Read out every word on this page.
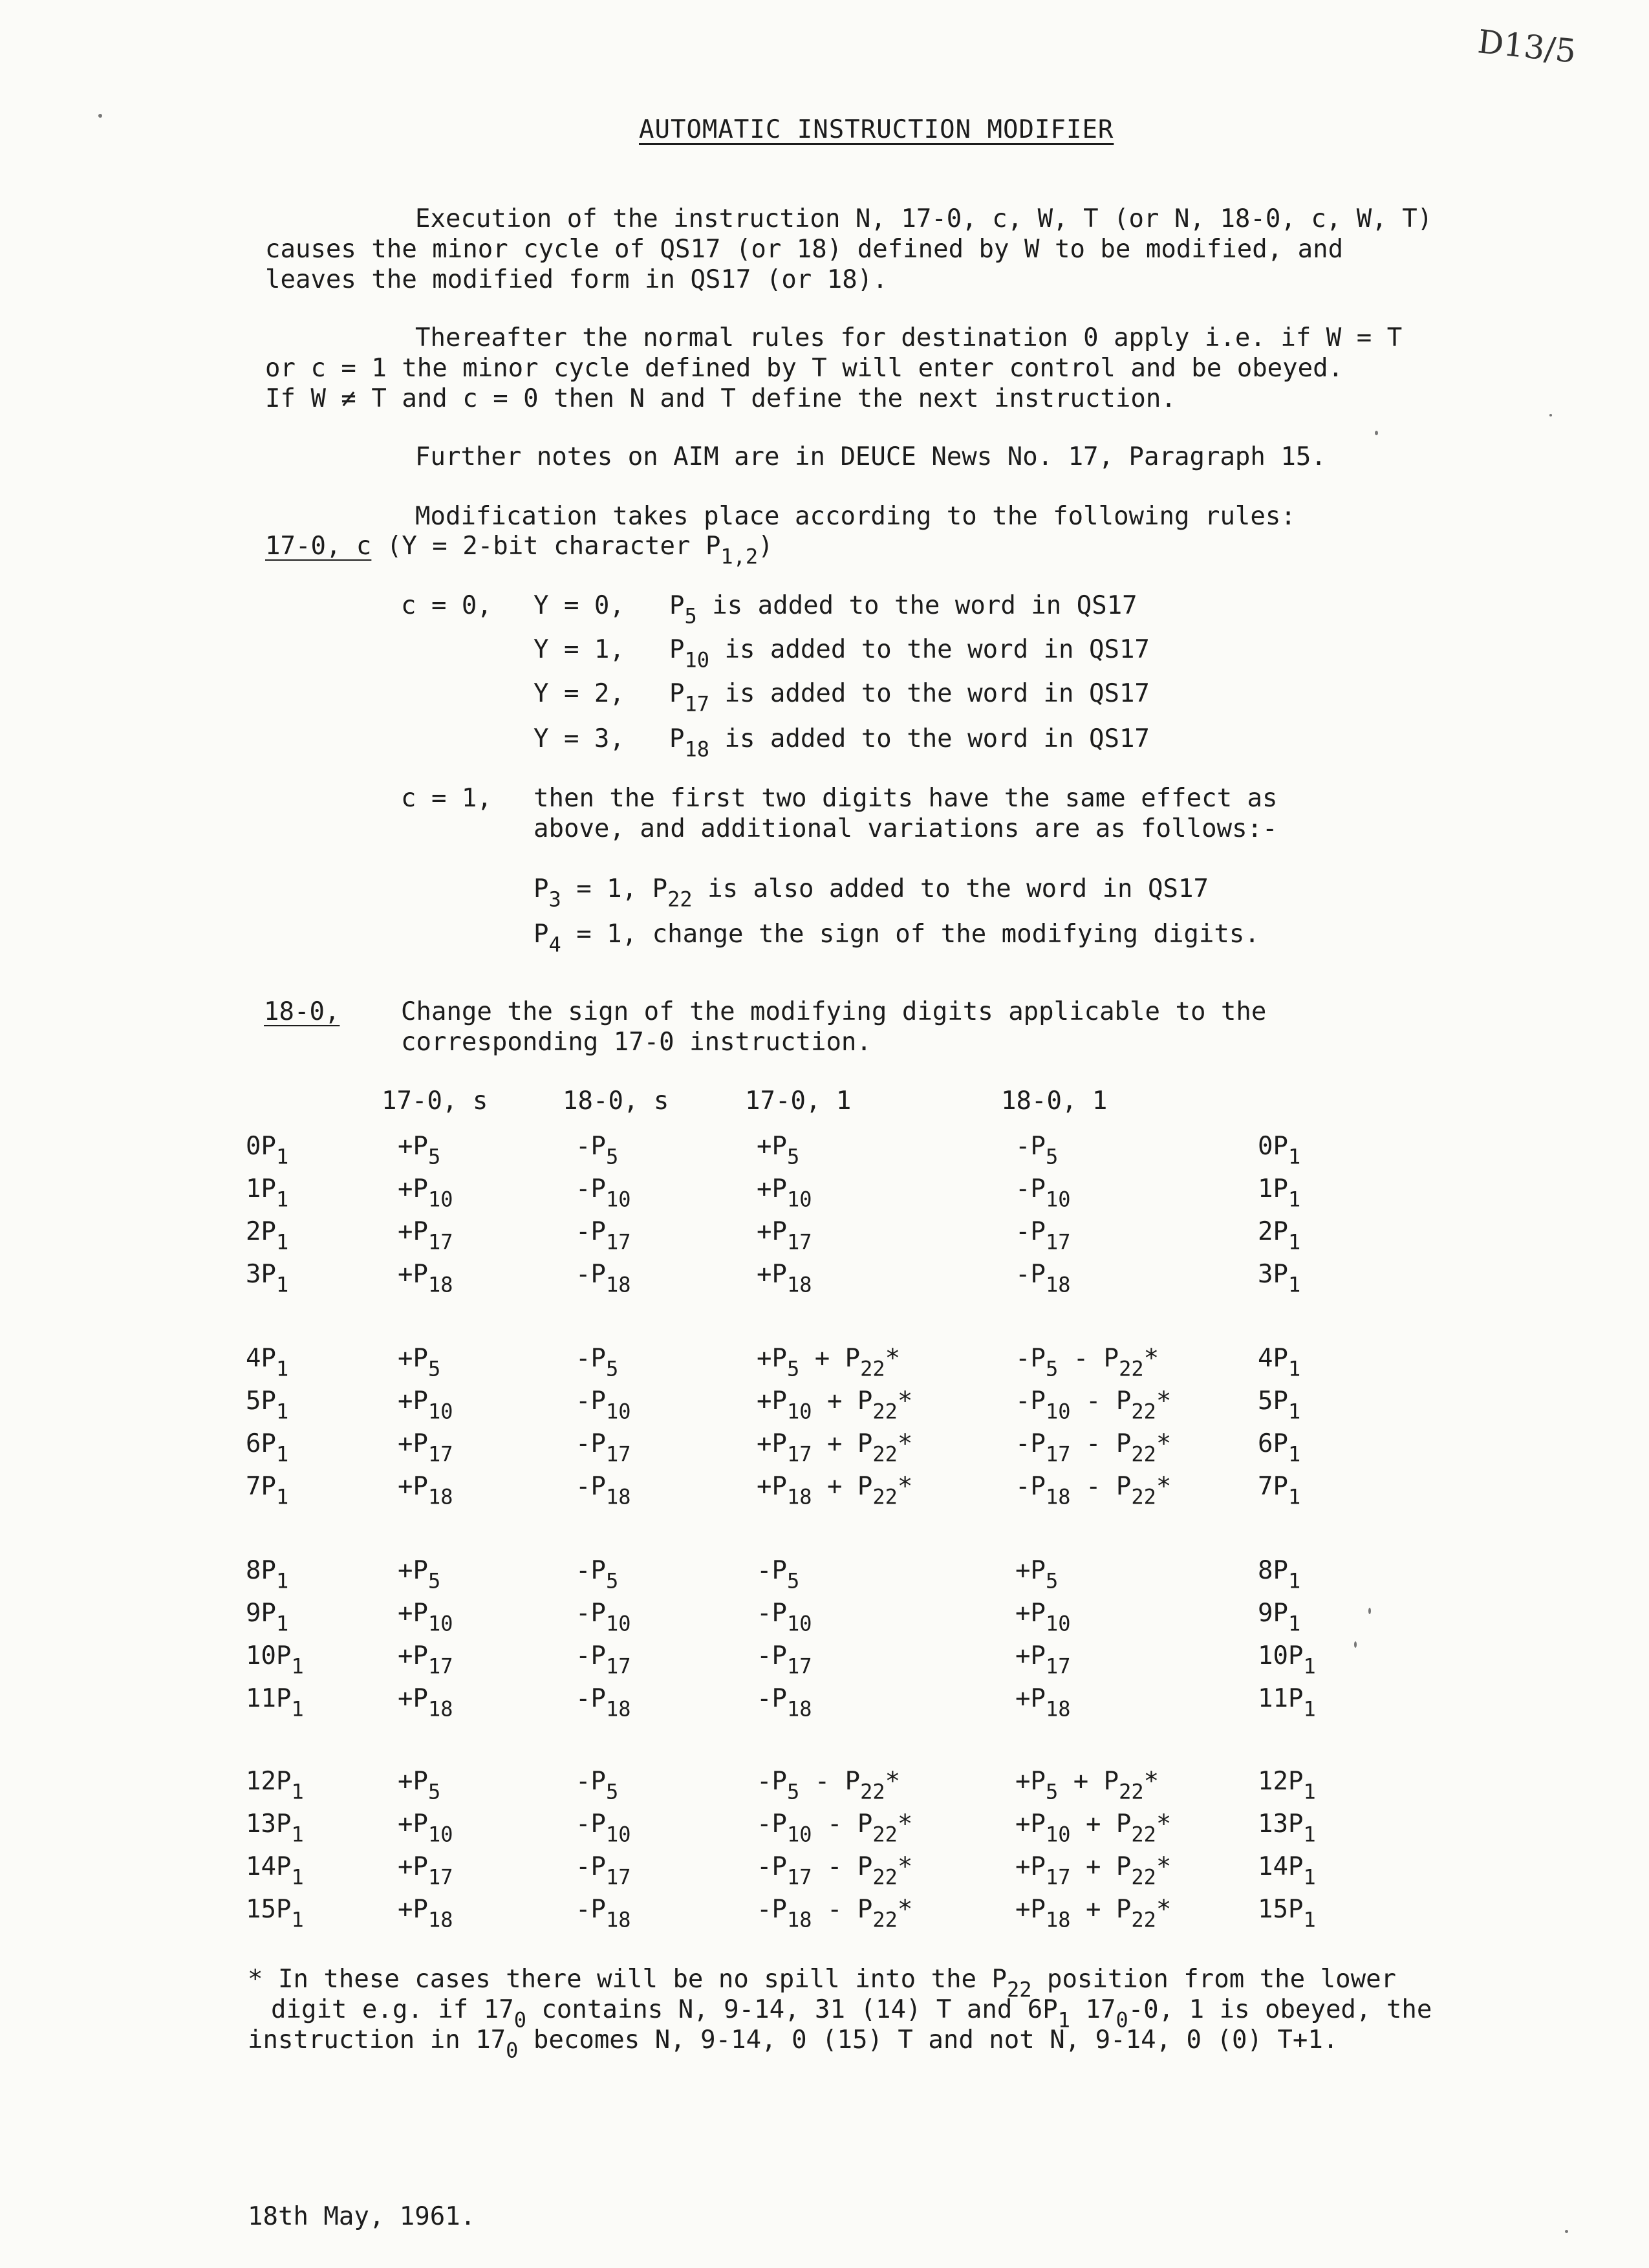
D13/5
AUTOMATIC INSTRUCTION MODIFIER
Execution of the instruction N, 17-0, c, W, T (or N, 18-0, c, W, T)
causes the minor cycle of QS17 (or 18) defined by W to be modified, and
leaves the modified form in QS17 (or 18).
Thereafter the normal rules for destination 0 apply i.e. if W = T
or c = 1 the minor cycle defined by T will enter control and be obeyed.
If W ≠ T and c = 0 then N and T define the next instruction.
Further notes on AIM are in DEUCE News No. 17, Paragraph 15.
Modification takes place according to the following rules:
17-0, c (Y = 2-bit character $P_{1,2}$)
c = 0, Y = 0, $P_5$ is added to the word in QS17
Y = 1, $P_{10}$ is added to the word in QS17
Y = 2, $P_{17}$ is added to the word in QS17
Y = 3, $P_{18}$ is added to the word in QS17
c = 1, then the first two digits have the same effect as
above, and additional variations are as follows:-
$P_3 = 1$, $P_{22}$ is also added to the word in QS17
$P_4 = 1$, change the sign of the modifying digits.
18-0, Change the sign of the modifying digits applicable to the
corresponding 17-0 instruction.
17-0, s	18-0, s	17-0, 1	18-0, 1
$0P_1$	$+P_5$	$-P_5$	$+P_5$	$-P_5$	$0P_1$
$1P_1$	$+P_{10}$	$-P_{10}$	$+P_{10}$	$-P_{10}$	$1P_1$
$2P_1$	$+P_{17}$	$-P_{17}$	$+P_{17}$	$-P_{17}$	$2P_1$
$3P_1$	$+P_{18}$	$-P_{18}$	$+P_{18}$	$-P_{18}$	$3P_1$
$4P_1$	$+P_5$	$-P_5$	$+P_5 + P_{22}*$	$-P_5 - P_{22}*$	$4P_1$
$5P_1$	$+P_{10}$	$-P_{10}$	$+P_{10} + P_{22}*$	$-P_{10} - P_{22}*$	$5P_1$
$6P_1$	$+P_{17}$	$-P_{17}$	$+P_{17} + P_{22}*$	$-P_{17} - P_{22}*$	$6P_1$
$7P_1$	$+P_{18}$	$-P_{18}$	$+P_{18} + P_{22}*$	$-P_{18} - P_{22}*$	$7P_1$
$8P_1$	$+P_5$	$-P_5$	$-P_5$	$+P_5$	$8P_1$
$9P_1$	$+P_{10}$	$-P_{10}$	$-P_{10}$	$+P_{10}$	$9P_1$
$10P_1$	$+P_{17}$	$-P_{17}$	$-P_{17}$	$+P_{17}$	$10P_1$
$11P_1$	$+P_{18}$	$-P_{18}$	$-P_{18}$	$+P_{18}$	$11P_1$
$12P_1$	$+P_5$	$-P_5$	$-P_5 - P_{22}*$	$+P_5 + P_{22}*$	$12P_1$
$13P_1$	$+P_{10}$	$-P_{10}$	$-P_{10} - P_{22}*$	$+P_{10} + P_{22}*$	$13P_1$
$14P_1$	$+P_{17}$	$-P_{17}$	$-P_{17} - P_{22}*$	$+P_{17} + P_{22}*$	$14P_1$
$15P_1$	$+P_{18}$	$-P_{18}$	$-P_{18} - P_{22}*$	$+P_{18} + P_{22}*$	$15P_1$
* In these cases there will be no spill into the $P_{22}$ position from the lower
digit e.g. if $17_0$ contains N, 9-14, 31 (14) T and $6P_1$ $17_0-0$, 1 is obeyed, the
instruction in $17_0$ becomes N, 9-14, 0 (15) T and not N, 9-14, 0 (0) T+1.
18th May, 1961.
